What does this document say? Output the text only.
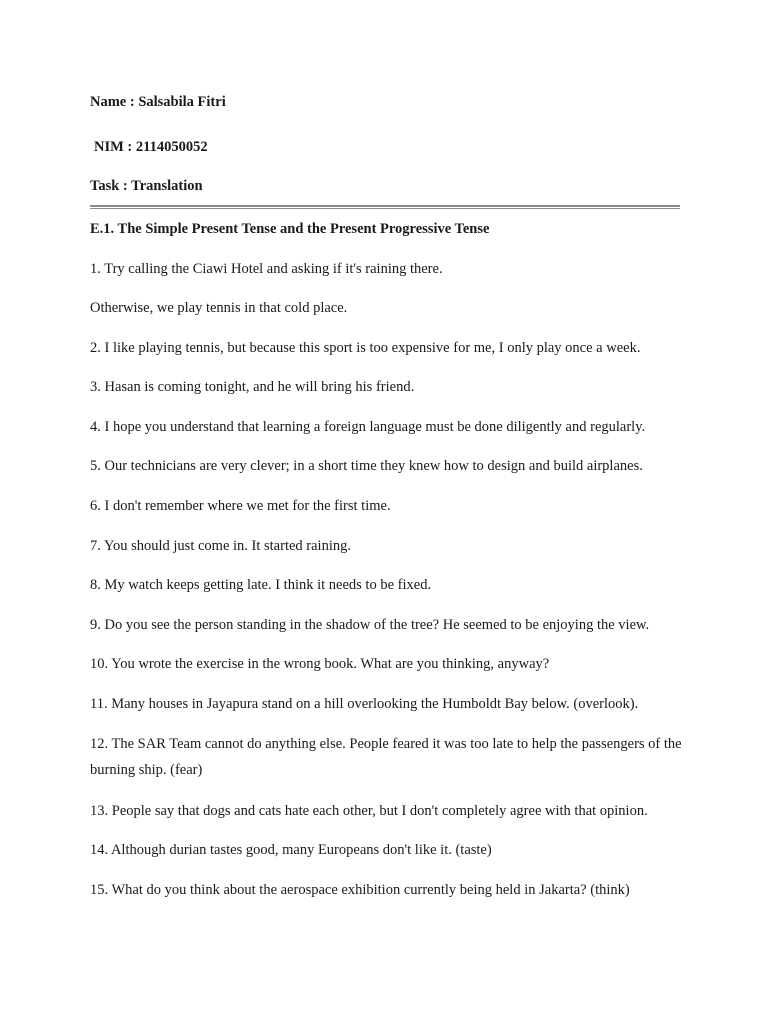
Name : Salsabila Fitri
NIM : 2114050052
Task : Translation
E.1. The Simple Present Tense and the Present Progressive Tense
1. Try calling the Ciawi Hotel and asking if it's raining there.
Otherwise, we play tennis in that cold place.
2. I like playing tennis, but because this sport is too expensive for me, I only play once a week.
3. Hasan is coming tonight, and he will bring his friend.
4. I hope you understand that learning a foreign language must be done diligently and regularly.
5. Our technicians are very clever; in a short time they knew how to design and build airplanes.
6. I don't remember where we met for the first time.
7. You should just come in. It started raining.
8. My watch keeps getting late. I think it needs to be fixed.
9. Do you see the person standing in the shadow of the tree? He seemed to be enjoying the view.
10. You wrote the exercise in the wrong book. What are you thinking, anyway?
11. Many houses in Jayapura stand on a hill overlooking the Humboldt Bay below. (overlook).
12. The SAR Team cannot do anything else. People feared it was too late to help the passengers of the burning ship. (fear)
13. People say that dogs and cats hate each other, but I don't completely agree with that opinion.
14. Although durian tastes good, many Europeans don't like it. (taste)
15. What do you think about the aerospace exhibition currently being held in Jakarta? (think)
